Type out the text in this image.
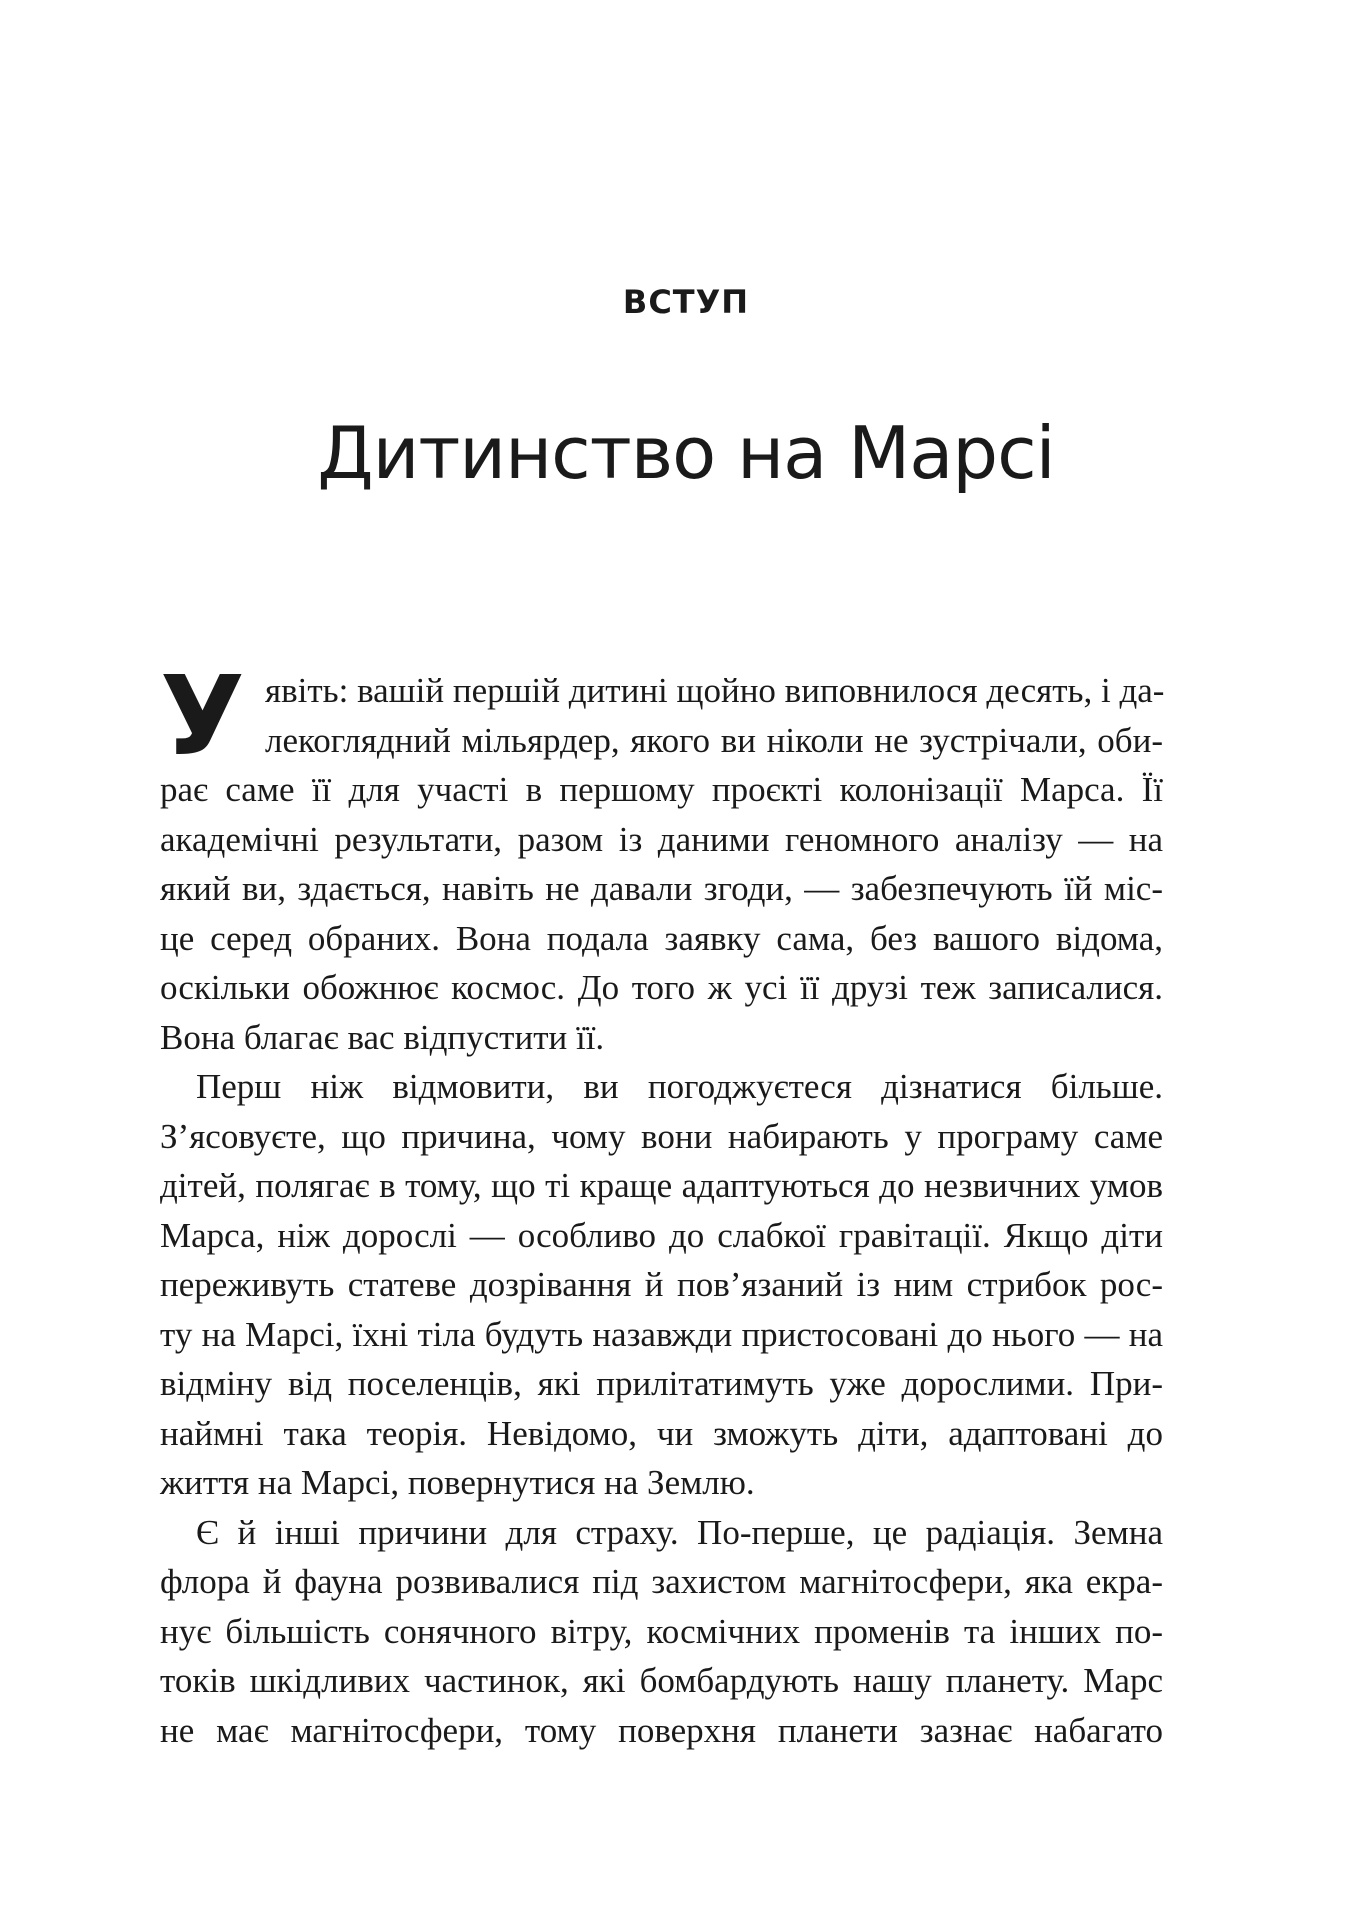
ВСТУП
Дитинство на Марсі
У явіть: вашій першій дитині щойно виповнилося десять, і да-
лекоглядний мільярдер, якого ви ніколи не зустрічали, оби-
рає саме її для участі в першому проєкті колонізації Марса. Її
академічні результати, разом із даними геномного аналізу — на
який ви, здається, навіть не давали згоди, — забезпечують їй міс-
це серед обраних. Вона подала заявку сама, без вашого відома,
оскільки обожнює космос. До того ж усі її друзі теж записалися.
Вона благає вас відпустити її.
Перш ніж відмовити, ви погоджуєтеся дізнатися більше.
З’ясовуєте, що причина, чому вони набирають у програму саме
дітей, полягає в тому, що ті краще адаптуються до незвичних умов
Марса, ніж дорослі — особливо до слабкої гравітації. Якщо діти
переживуть статеве дозрівання й пов’язаний із ним стрибок рос-
ту на Марсі, їхні тіла будуть назавжди пристосовані до нього — на
відміну від поселенців, які прилітатимуть уже дорослими. При-
наймні така теорія. Невідомо, чи зможуть діти, адаптовані до
життя на Марсі, повернутися на Землю.
Є й інші причини для страху. По-перше, це радіація. Земна
флора й фауна розвивалися під захистом магнітосфери, яка екра-
нує більшість сонячного вітру, космічних променів та інших по-
токів шкідливих частинок, які бомбардують нашу планету. Марс
не має магнітосфери, тому поверхня планети зазнає набагато
